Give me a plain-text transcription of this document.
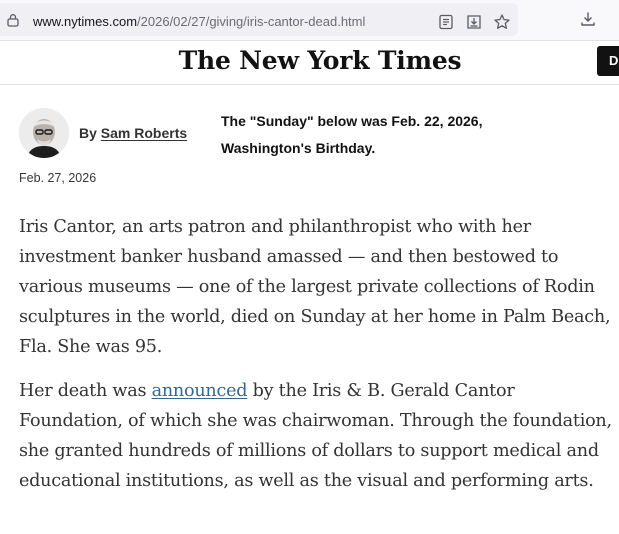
www.nytimes.com/2026/02/27/giving/iris-cantor-dead.html
The New York Times	D
By Sam Roberts
The "Sunday" below was Feb. 22, 2026,
Washington's Birthday.
Feb. 27, 2026

Iris Cantor, an arts patron and philanthropist who with her investment banker husband amassed — and then bestowed to various museums — one of the largest private collections of Rodin sculptures in the world, died on Sunday at her home in Palm Beach, Fla. She was 95.

Her death was announced by the Iris & B. Gerald Cantor Foundation, of which she was chairwoman. Through the foundation, she granted hundreds of millions of dollars to support medical and educational institutions, as well as the visual and performing arts.
